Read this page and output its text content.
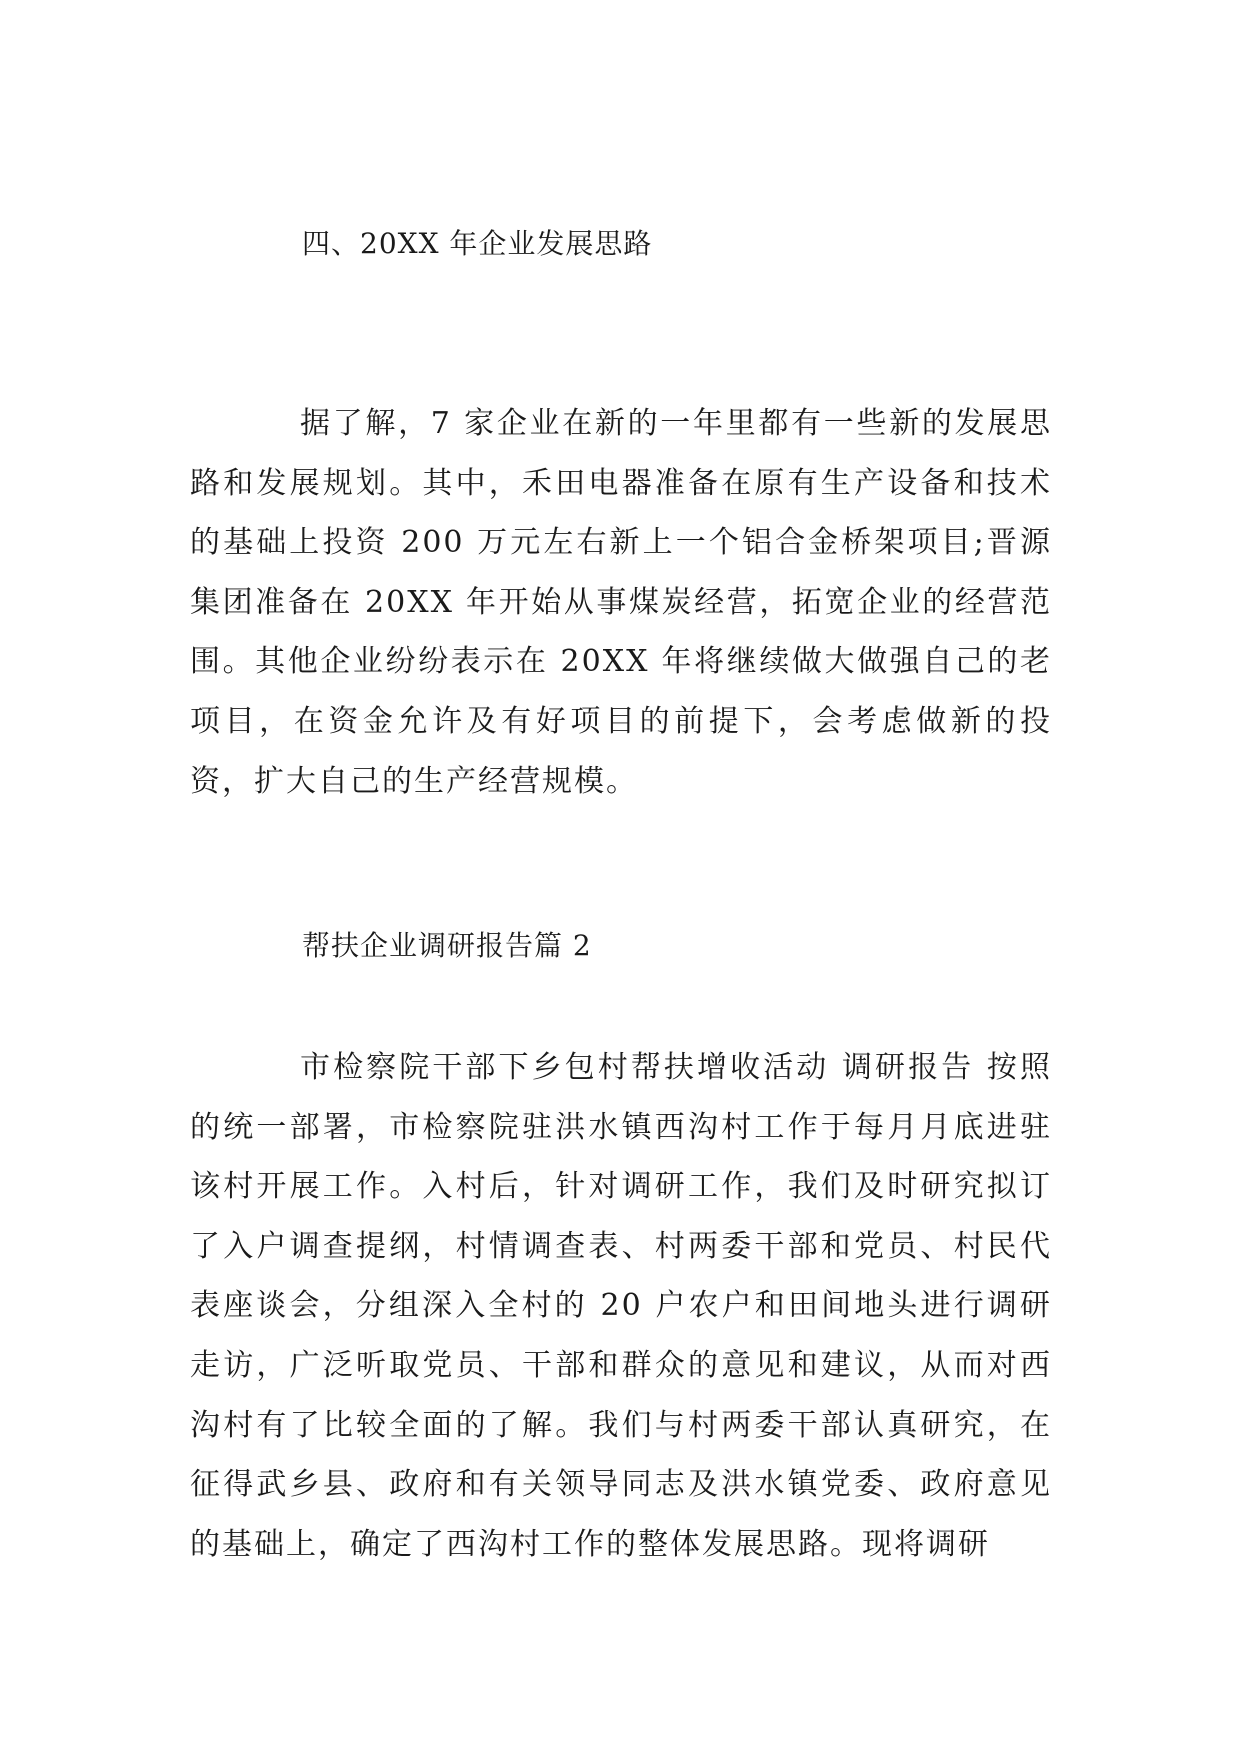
四、20XX 年企业发展思路

据了解，7 家企业在新的一年里都有一些新的发展思路和发展规划。其中，禾田电器准备在原有生产设备和技术的基础上投资 200 万元左右新上一个铝合金桥架项目;晋源集团准备在 20XX 年开始从事煤炭经营，拓宽企业的经营范围。其他企业纷纷表示在 20XX 年将继续做大做强自己的老项目，在资金允许及有好项目的前提下，会考虑做新的投资，扩大自己的生产经营规模。

帮扶企业调研报告篇 2

市检察院干部下乡包村帮扶增收活动 调研报告 按照的统一部署，市检察院驻洪水镇西沟村工作于每月月底进驻该村开展工作。入村后，针对调研工作，我们及时研究拟订了入户调查提纲，村情调查表、村两委干部和党员、村民代表座谈会，分组深入全村的 20 户农户和田间地头进行调研走访，广泛听取党员、干部和群众的意见和建议，从而对西沟村有了比较全面的了解。我们与村两委干部认真研究，在征得武乡县、政府和有关领导同志及洪水镇党委、政府意见的基础上，确定了西沟村工作的整体发展思路。现将调研
